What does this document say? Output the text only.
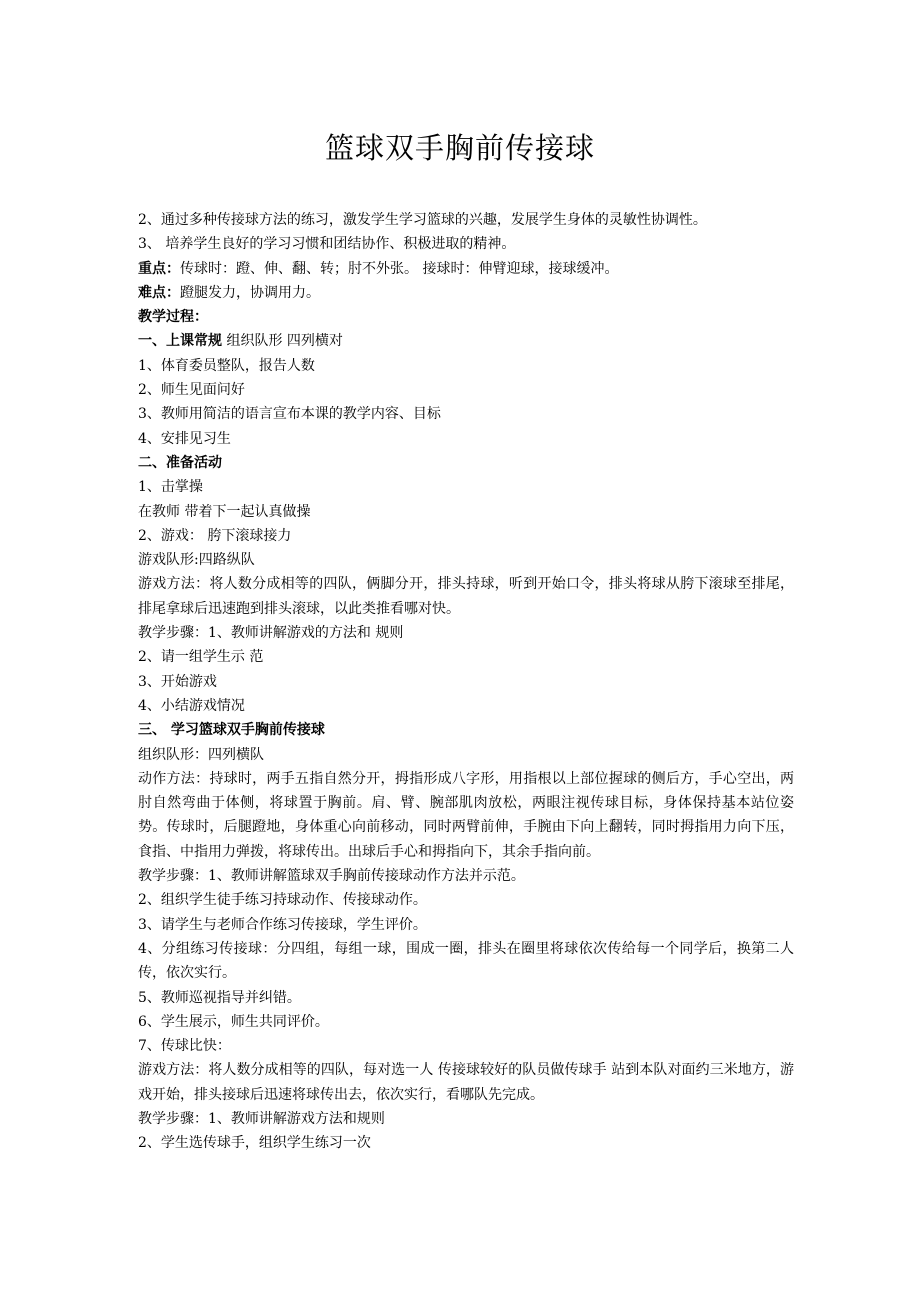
篮球双手胸前传接球
2、通过多种传接球方法的练习，激发学生学习篮球的兴趣，发展学生身体的灵敏性协调性。
3、 培养学生良好的学习习惯和团结协作、积极进取的精神。
重点：传球时：蹬、伸、翻、转；肘不外张。 接球时：伸臂迎球，接球缓冲。
难点：蹬腿发力，协调用力。
教学过程：
一、上课常规 组织队形 四列横对
1、体育委员整队，报告人数
2、师生见面问好
3、教师用简洁的语言宣布本课的教学内容、目标
4、安排见习生
二、准备活动
1、击掌操
在教师 带着下一起认真做操
2、游戏： 胯下滚球接力
游戏队形:四路纵队
游戏方法：将人数分成相等的四队，俩脚分开，排头持球，听到开始口令，排头将球从胯下滚球至排尾，排尾拿球后迅速跑到排头滚球，以此类推看哪对快。
教学步骤：1、教师讲解游戏的方法和 规则
2、请一组学生示 范
3、开始游戏
4、小结游戏情况
三、 学习篮球双手胸前传接球
组织队形：四列横队
动作方法：持球时，两手五指自然分开，拇指形成八字形，用指根以上部位握球的侧后方，手心空出，两肘自然弯曲于体侧，将球置于胸前。肩、臂、腕部肌肉放松，两眼注视传球目标，身体保持基本站位姿势。传球时，后腿蹬地，身体重心向前移动，同时两臂前伸，手腕由下向上翻转，同时拇指用力向下压，食指、中指用力弹拨，将球传出。出球后手心和拇指向下，其余手指向前。
教学步骤：1、教师讲解篮球双手胸前传接球动作方法并示范。
2、组织学生徒手练习持球动作、传接球动作。
3、请学生与老师合作练习传接球，学生评价。
4、分组练习传接球：分四组，每组一球，围成一圈，排头在圈里将球依次传给每一个同学后，换第二人传，依次实行。
5、教师巡视指导并纠错。
6、学生展示，师生共同评价。
7、传球比快：
游戏方法：将人数分成相等的四队，每对选一人 传接球较好的队员做传球手 站到本队对面约三米地方，游戏开始，排头接球后迅速将球传出去，依次实行，看哪队先完成。
教学步骤：1、教师讲解游戏方法和规则
2、学生选传球手，组织学生练习一次
